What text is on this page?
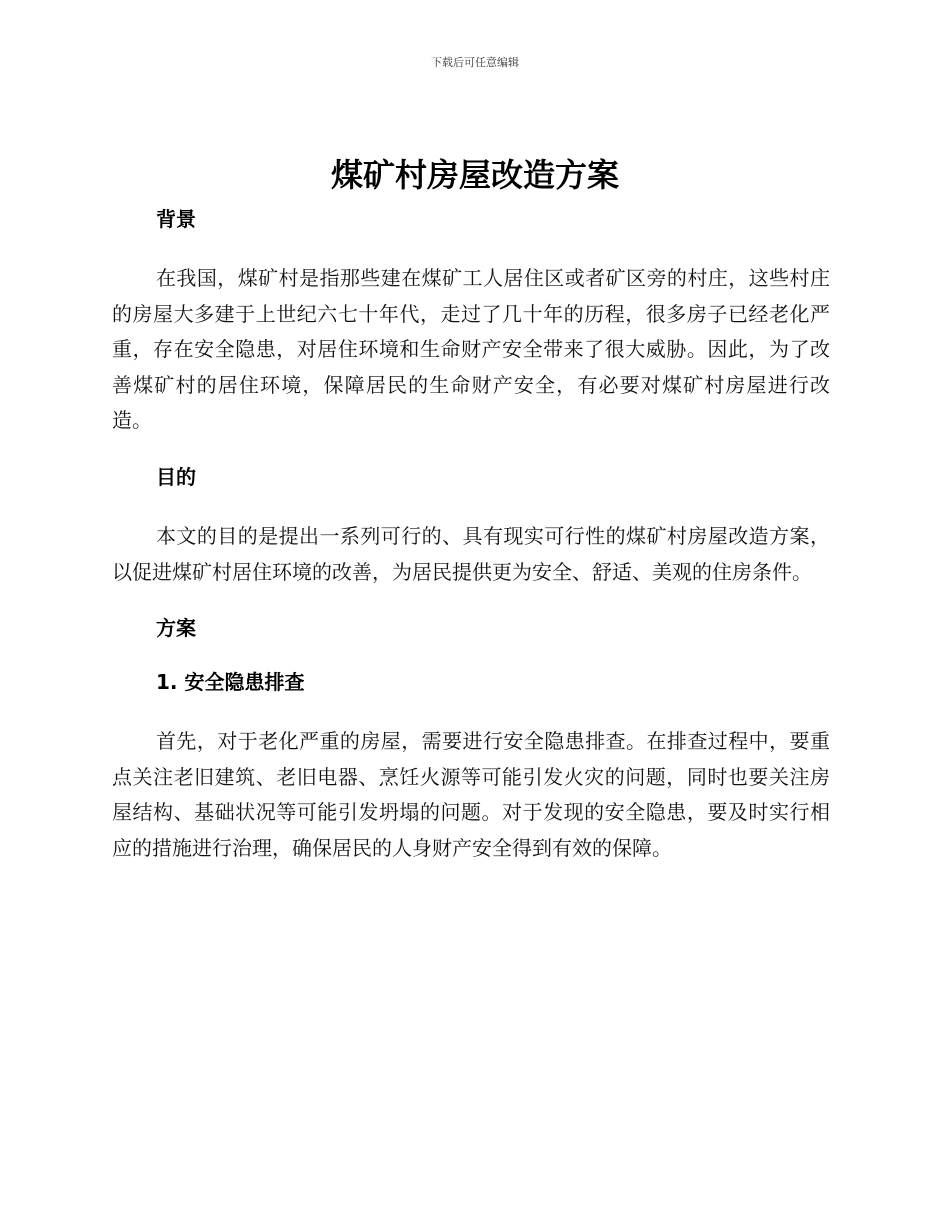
下载后可任意编辑
煤矿村房屋改造方案
背景

在我国，煤矿村是指那些建在煤矿工人居住区或者矿区旁的村庄，这些村庄的房屋大多建于上世纪六七十年代，走过了几十年的历程，很多房子已经老化严重，存在安全隐患，对居住环境和生命财产安全带来了很大威胁。因此，为了改善煤矿村的居住环境，保障居民的生命财产安全，有必要对煤矿村房屋进行改造。

目的

本文的目的是提出一系列可行的、具有现实可行性的煤矿村房屋改造方案，以促进煤矿村居住环境的改善，为居民提供更为安全、舒适、美观的住房条件。

方案
1. 安全隐患排查

首先，对于老化严重的房屋，需要进行安全隐患排查。在排查过程中，要重点关注老旧建筑、老旧电器、烹饪火源等可能引发火灾的问题，同时也要关注房屋结构、基础状况等可能引发坍塌的问题。对于发现的安全隐患，要及时实行相应的措施进行治理，确保居民的人身财产安全得到有效的保障。
